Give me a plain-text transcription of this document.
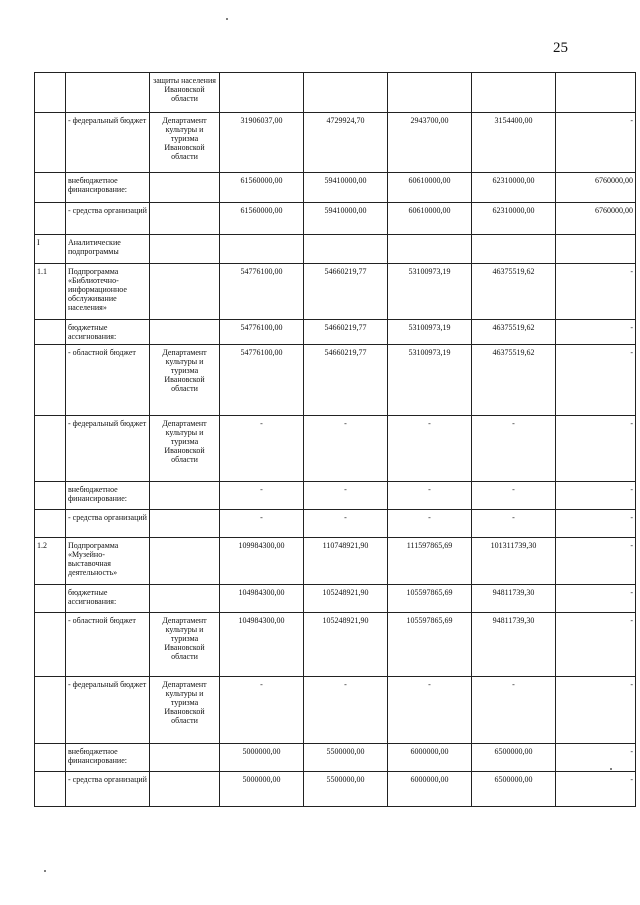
25
		защиты населения Ивановской области					
	- федеральный бюджет	Департамент культуры и туризма Ивановской области	31906037,00	4729924,70	2943700,00	3154400,00	-
	внебюджетное финансирование:		61560000,00	59410000,00	60610000,00	62310000,00	6760000,00
	- средства организаций		61560000,00	59410000,00	60610000,00	62310000,00	6760000,00
I	Аналитические подпрограммы						
1.1	Подпрограмма «Библиотечно-информационное обслуживание населения»		54776100,00	54660219,77	53100973,19	46375519,62	-
	бюджетные ассигнования:		54776100,00	54660219,77	53100973,19	46375519,62	-
	- областной бюджет	Департамент культуры и туризма Ивановской области	54776100,00	54660219,77	53100973,19	46375519,62	-
	- федеральный бюджет	Департамент культуры и туризма Ивановской области	-	-	-	-	-
	внебюджетное финансирование:		-	-	-	-	-
	- средства организаций		-	-	-	-	-
1.2	Подпрограмма «Музейно-выставочная деятельность»		109984300,00	110748921,90	111597865,69	101311739,30	-
	бюджетные ассигнования:		104984300,00	105248921,90	105597865,69	94811739,30	-
	- областной бюджет	Департамент культуры и туризма Ивановской области	104984300,00	105248921,90	105597865,69	94811739,30	-
	- федеральный бюджет	Департамент культуры и туризма Ивановской области	-	-	-	-	-
	внебюджетное финансирование:		5000000,00	5500000,00	6000000,00	6500000,00	-
	- средства организаций		5000000,00	5500000,00	6000000,00	6500000,00	-
